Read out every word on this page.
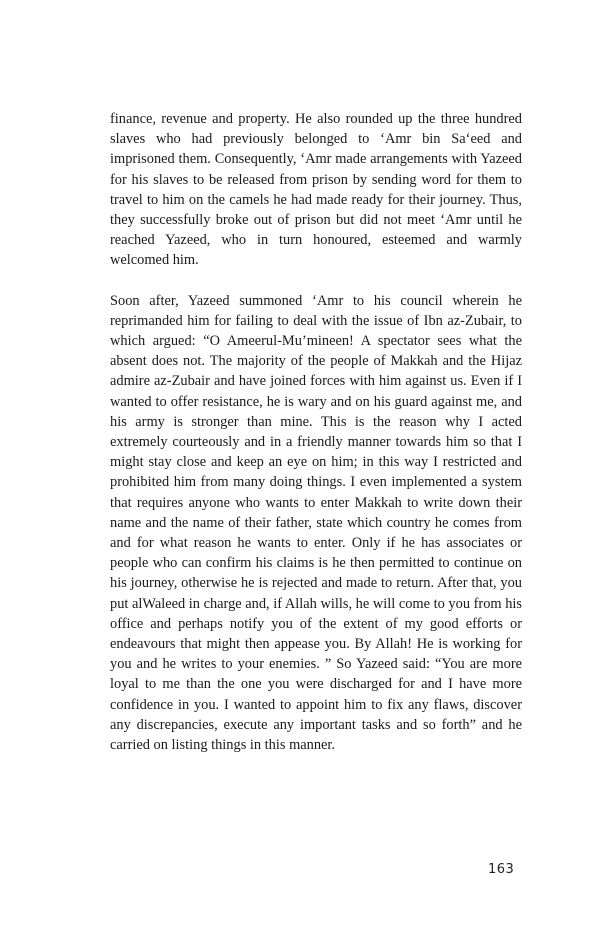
finance, revenue and property. He also rounded up the three hundred slaves who had previously belonged to ‘Amr bin Sa‘eed and imprisoned them. Consequently, ‘Amr made arrangements with Yazeed for his slaves to be released from prison by sending word for them to travel to him on the camels he had made ready for their journey. Thus, they successfully broke out of prison but did not meet ‘Amr until he reached Yazeed, who in turn honoured, esteemed and warmly welcomed him.

Soon after, Yazeed summoned ‘Amr to his council wherein he reprimanded him for failing to deal with the issue of Ibn az-Zubair, to which argued: “O Ameerul-Mu’mineen! A spectator sees what the absent does not. The majority of the people of Makkah and the Hijaz admire az-Zubair and have joined forces with him against us. Even if I wanted to offer resistance, he is wary and on his guard against me, and his army is stronger than mine. This is the reason why I acted extremely courteously and in a friendly manner towards him so that I might stay close and keep an eye on him; in this way I restricted and prohibited him from many doing things. I even implemented a system that requires anyone who wants to enter Makkah to write down their name and the name of their father, state which country he comes from and for what reason he wants to enter. Only if he has associates or people who can confirm his claims is he then permitted to continue on his journey, otherwise he is rejected and made to return. After that, you put alWaleed in charge and, if Allah wills, he will come to you from his office and perhaps notify you of the extent of my good efforts or endeavours that might then appease you. By Allah! He is working for you and he writes to your enemies. ” So Yazeed said: “You are more loyal to me than the one you were discharged for and I have more confidence in you. I wanted to appoint him to fix any flaws, discover any discrepancies, execute any important tasks and so forth” and he carried on listing things in this manner.

163
